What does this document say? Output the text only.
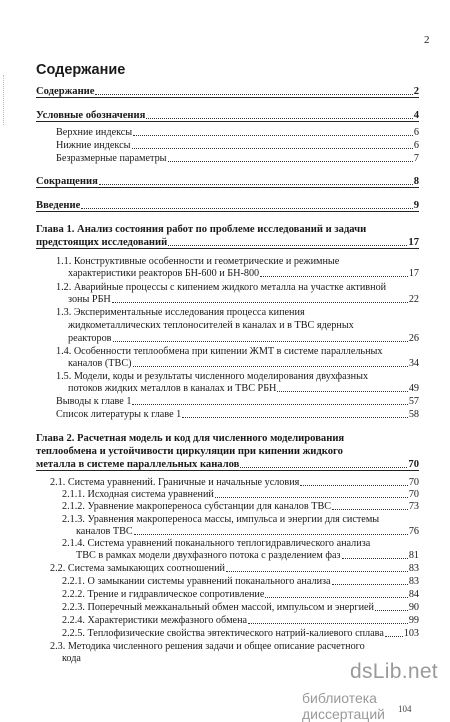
2
Содержание
Содержание	2
Условные обозначения	4
Верхние индексы	6
Нижние индексы	6
Безразмерные параметры	7
Сокращения	8
Введение	9
Глава 1. Анализ состояния работ по проблеме исследований и задачи
предстоящих исследований	17
1.1. Конструктивные особенности и геометрические и режимные
характеристики реакторов БН-600 и БН-800	17
1.2. Аварийные процессы с кипением жидкого металла на участке активной
зоны РБН	22
1.3. Экспериментальные исследования процесса кипения
жидкометаллических теплоносителей в каналах и в ТВС ядерных
реакторов	26
1.4. Особенности теплообмена при кипении ЖМТ в системе параллельных
каналов (ТВС)	34
1.5. Модели, коды и результаты численного моделирования двухфазных
потоков жидких металлов в каналах и ТВС РБН	49
Выводы к главе 1	57
Список литературы к главе 1	58
Глава 2. Расчетная модель и код для численного моделирования
теплообмена и устойчивости циркуляции при кипении жидкого
металла в системе параллельных каналов	70
2.1. Система уравнений. Граничные и начальные условия	70
2.1.1. Исходная система уравнений	70
2.1.2. Уравнение макропереноса субстанции для каналов ТВС	73
2.1.3. Уравнения макропереноса массы, импульса и энергии для системы
каналов ТВС	76
2.1.4. Система уравнений поканального теплогидравлического анализа
ТВС в рамках модели двухфазного потока с разделением фаз	81
2.2. Система замыкающих соотношений	83
2.2.1. О замыкании системы уравнений поканального анализа	83
2.2.2. Трение и гидравлическое сопротивление	84
2.2.3. Поперечный межканальный обмен массой, импульсом и энергией	90
2.2.4. Характеристики межфазного обмена	99
2.2.5. Теплофизические свойства эвтектического натрий-калиевого сплава 103
2.3. Методика численного решения задачи и общее описание расчетного
кода
104
dsLib.net
библиотека диссертаций
